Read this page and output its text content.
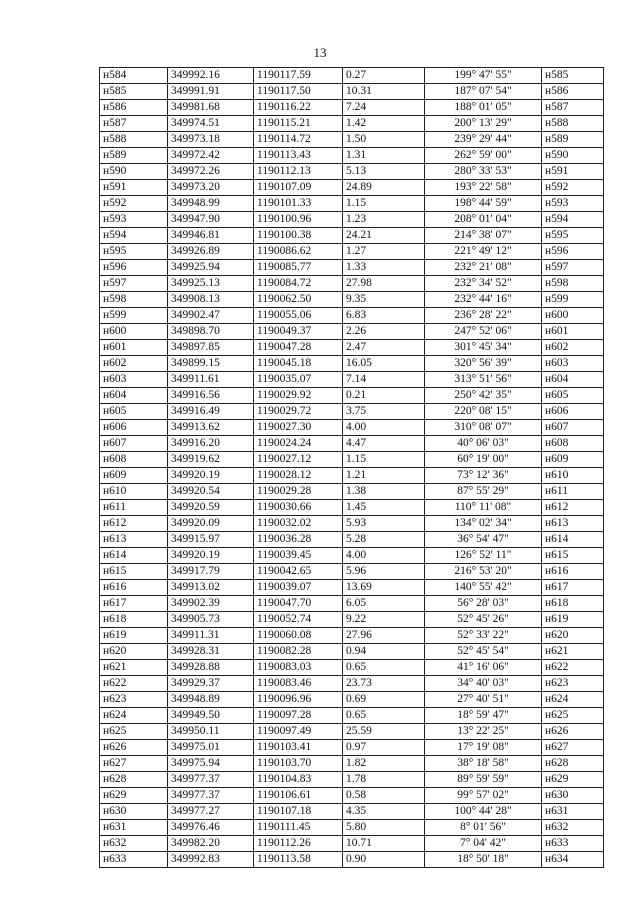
13
н584	349992.16	1190117.59	0.27	199° 47' 55"	н585
н585	349991.91	1190117.50	10.31	187° 07' 54"	н586
н586	349981.68	1190116.22	7.24	188° 01' 05"	н587
н587	349974.51	1190115.21	1.42	200° 13' 29"	н588
н588	349973.18	1190114.72	1.50	239° 29' 44"	н589
н589	349972.42	1190113.43	1.31	262° 59' 00"	н590
н590	349972.26	1190112.13	5.13	280° 33' 53"	н591
н591	349973.20	1190107.09	24.89	193° 22' 58"	н592
н592	349948.99	1190101.33	1.15	198° 44' 59"	н593
н593	349947.90	1190100.96	1.23	208° 01' 04"	н594
н594	349946.81	1190100.38	24.21	214° 38' 07"	н595
н595	349926.89	1190086.62	1.27	221° 49' 12"	н596
н596	349925.94	1190085.77	1.33	232° 21' 08"	н597
н597	349925.13	1190084.72	27.98	232° 34' 52"	н598
н598	349908.13	1190062.50	9.35	232° 44' 16"	н599
н599	349902.47	1190055.06	6.83	236° 28' 22"	н600
н600	349898.70	1190049.37	2.26	247° 52' 06"	н601
н601	349897.85	1190047.28	2.47	301° 45' 34"	н602
н602	349899.15	1190045.18	16.05	320° 56' 39"	н603
н603	349911.61	1190035.07	7.14	313° 51' 56"	н604
н604	349916.56	1190029.92	0.21	250° 42' 35"	н605
н605	349916.49	1190029.72	3.75	220° 08' 15"	н606
н606	349913.62	1190027.30	4.00	310° 08' 07"	н607
н607	349916.20	1190024.24	4.47	40° 06' 03"	н608
н608	349919.62	1190027.12	1.15	60° 19' 00"	н609
н609	349920.19	1190028.12	1.21	73° 12' 36"	н610
н610	349920.54	1190029.28	1.38	87° 55' 29"	н611
н611	349920.59	1190030.66	1.45	110° 11' 08"	н612
н612	349920.09	1190032.02	5.93	134° 02' 34"	н613
н613	349915.97	1190036.28	5.28	36° 54' 47"	н614
н614	349920.19	1190039.45	4.00	126° 52' 11"	н615
н615	349917.79	1190042.65	5.96	216° 53' 20"	н616
н616	349913.02	1190039.07	13.69	140° 55' 42"	н617
н617	349902.39	1190047.70	6.05	56° 28' 03"	н618
н618	349905.73	1190052.74	9.22	52° 45' 26"	н619
н619	349911.31	1190060.08	27.96	52° 33' 22"	н620
н620	349928.31	1190082.28	0.94	52° 45' 54"	н621
н621	349928.88	1190083.03	0.65	41° 16' 06"	н622
н622	349929.37	1190083.46	23.73	34° 40' 03"	н623
н623	349948.89	1190096.96	0.69	27° 40' 51"	н624
н624	349949.50	1190097.28	0.65	18° 59' 47"	н625
н625	349950.11	1190097.49	25.59	13° 22' 25"	н626
н626	349975.01	1190103.41	0.97	17° 19' 08"	н627
н627	349975.94	1190103.70	1.82	38° 18' 58"	н628
н628	349977.37	1190104.83	1.78	89° 59' 59"	н629
н629	349977.37	1190106.61	0.58	99° 57' 02"	н630
н630	349977.27	1190107.18	4.35	100° 44' 28"	н631
н631	349976.46	1190111.45	5.80	8° 01' 56"	н632
н632	349982.20	1190112.26	10.71	7° 04' 42"	н633
н633	349992.83	1190113.58	0.90	18° 50' 18"	н634
